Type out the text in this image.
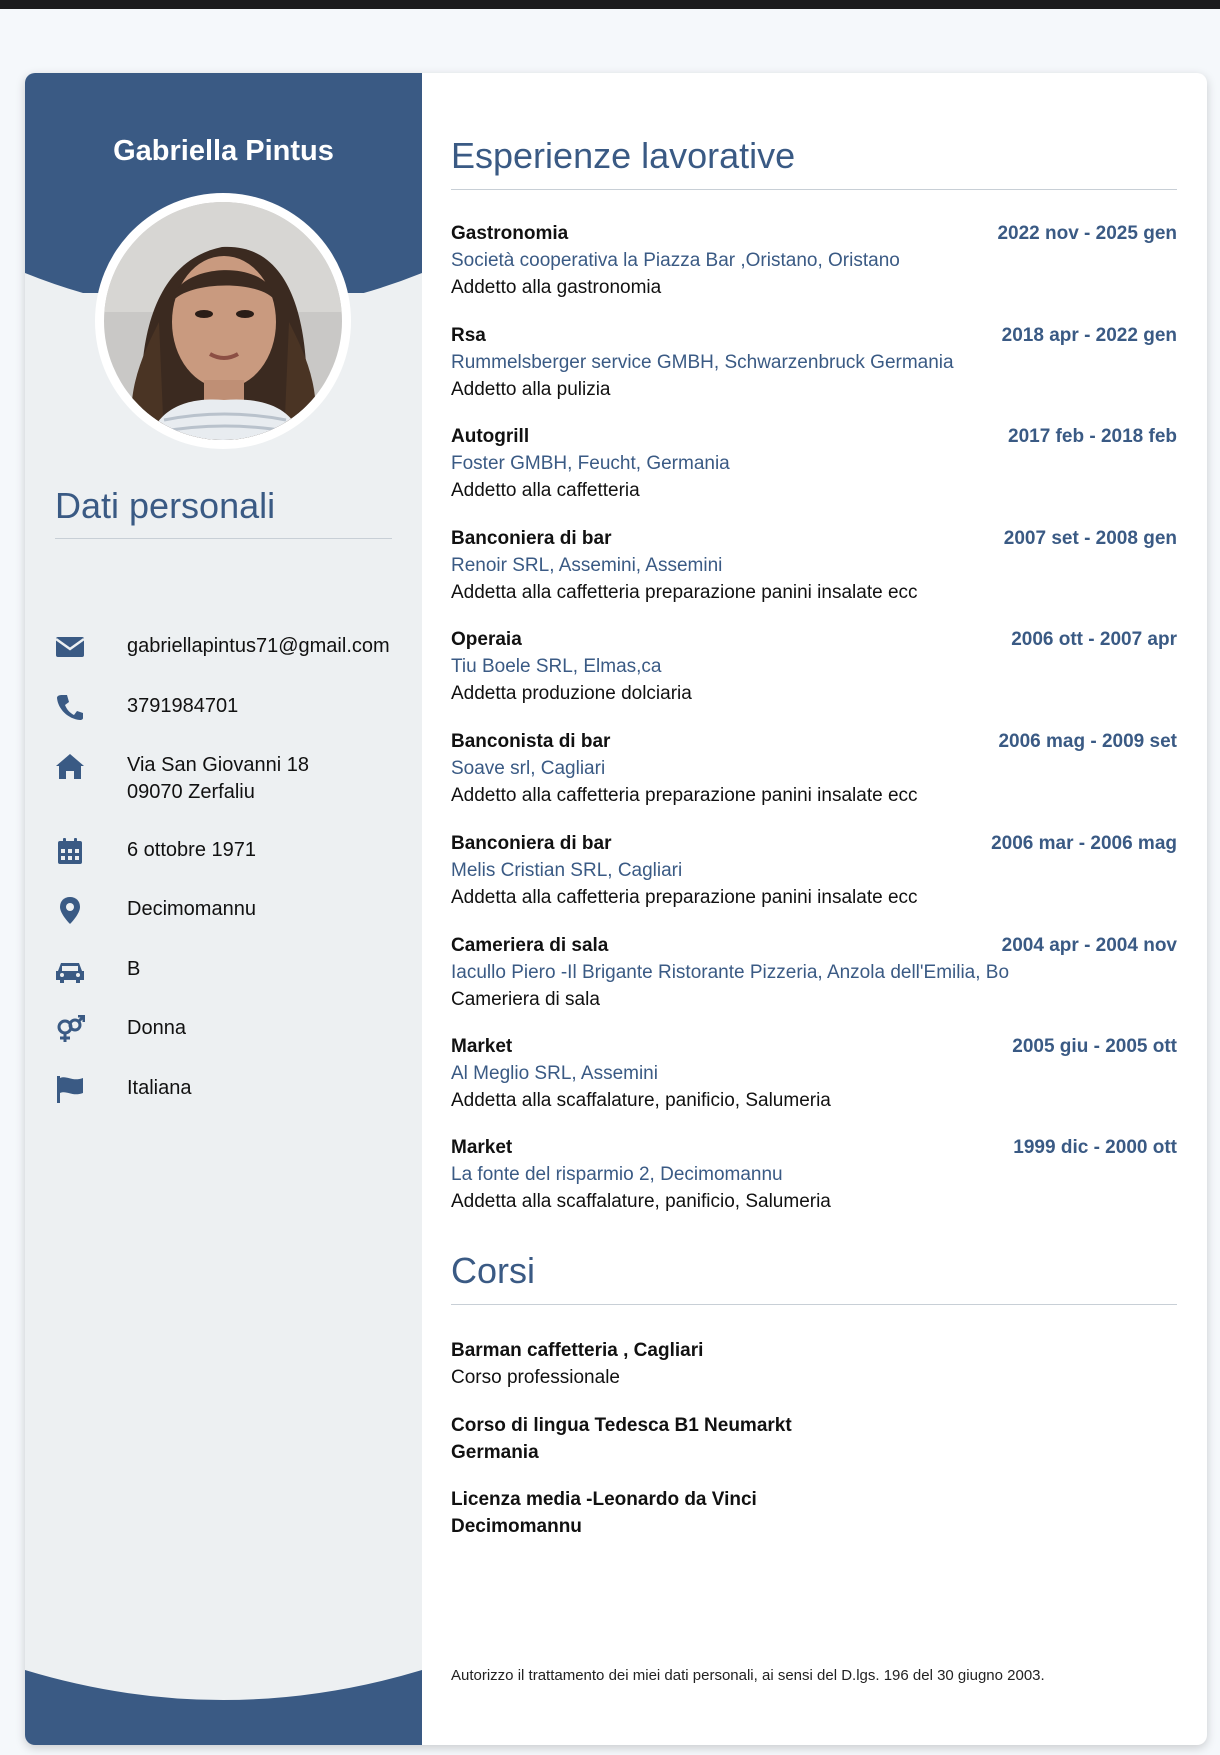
Gabriella Pintus
Dati personali
gabriellapintus71@gmail.com
3791984701
Via San Giovanni 18
09070 Zerfaliu
6 ottobre 1971
Decimomannu
B
Donna
Italiana
Esperienze lavorative
Gastronomia	2022 nov - 2025 gen
Società cooperativa la Piazza Bar ,Oristano, Oristano
Addetto alla gastronomia
Rsa	2018 apr - 2022 gen
Rummelsberger service GMBH, Schwarzenbruck Germania
Addetto alla pulizia
Autogrill	2017 feb - 2018 feb
Foster GMBH, Feucht, Germania
Addetto alla caffetteria
Banconiera di bar	2007 set - 2008 gen
Renoir SRL, Assemini, Assemini
Addetta alla caffetteria preparazione panini insalate ecc
Operaia	2006 ott - 2007 apr
Tiu Boele SRL, Elmas,ca
Addetta produzione dolciaria
Banconista di bar	2006 mag - 2009 set
Soave srl, Cagliari
Addetto alla caffetteria preparazione panini insalate ecc
Banconiera di bar	2006 mar - 2006 mag
Melis Cristian SRL, Cagliari
Addetta alla caffetteria preparazione panini insalate ecc
Cameriera di sala	2004 apr - 2004 nov
Iacullo Piero -Il Brigante Ristorante Pizzeria, Anzola dell'Emilia, Bo
Cameriera di sala
Market	2005 giu - 2005 ott
Al Meglio SRL, Assemini
Addetta alla scaffalature, panificio, Salumeria
Market	1999 dic - 2000 ott
La fonte del risparmio 2, Decimomannu
Addetta alla scaffalature, panificio, Salumeria
Corsi
Barman caffetteria , Cagliari
Corso professionale
Corso di lingua Tedesca B1 Neumarkt
Germania
Licenza media -Leonardo da Vinci
Decimomannu
Autorizzo il trattamento dei miei dati personali, ai sensi del D.lgs. 196 del 30 giugno 2003.
